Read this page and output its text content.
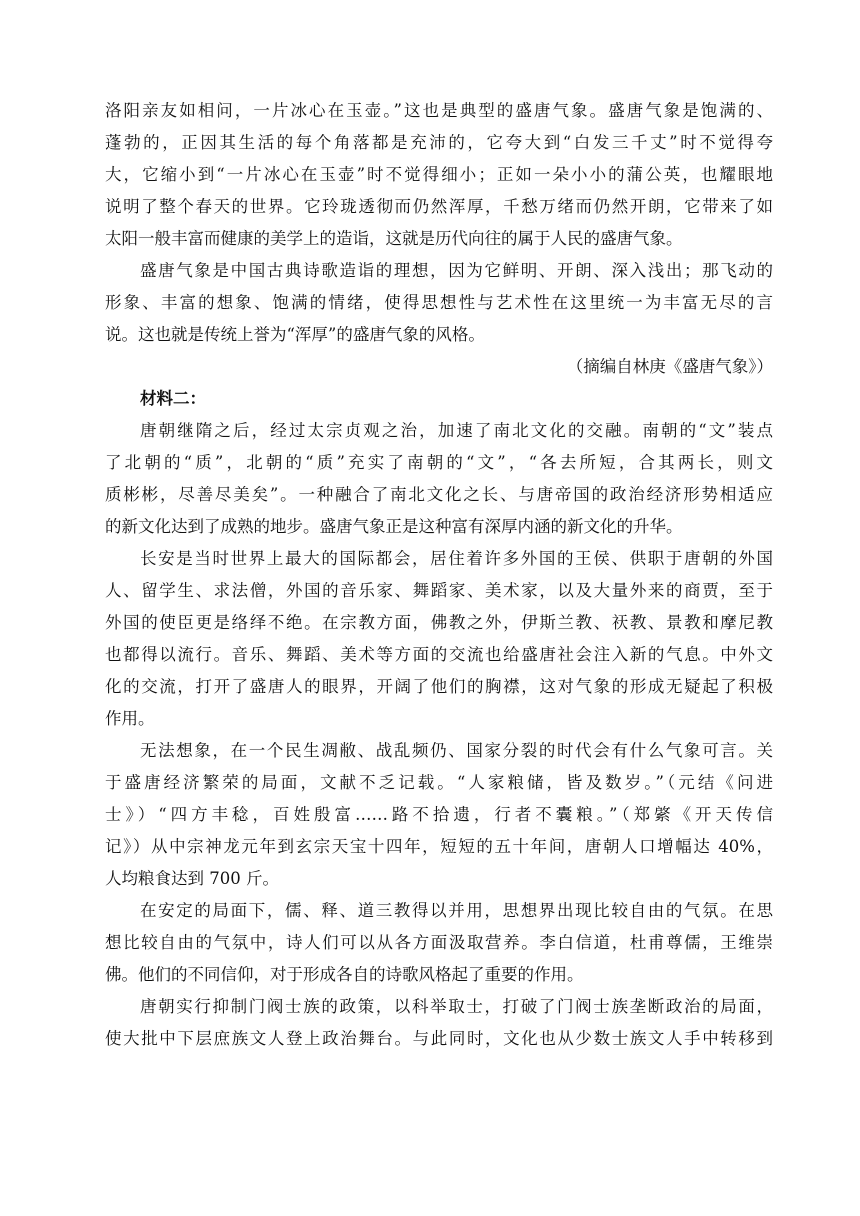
洛阳亲友如相问，一片冰心在玉壶。”这也是典型的盛唐气象。盛唐气象是饱满的、
蓬勃的，正因其生活的每个角落都是充沛的，它夸大到“白发三千丈”时不觉得夸
大，它缩小到“一片冰心在玉壶”时不觉得细小；正如一朵小小的蒲公英，也耀眼地
说明了整个春天的世界。它玲珑透彻而仍然浑厚，千愁万绪而仍然开朗，它带来了如
太阳一般丰富而健康的美学上的造诣，这就是历代向往的属于人民的盛唐气象。
盛唐气象是中国古典诗歌造诣的理想，因为它鲜明、开朗、深入浅出；那飞动的
形象、丰富的想象、饱满的情绪，使得思想性与艺术性在这里统一为丰富无尽的言
说。这也就是传统上誉为“浑厚”的盛唐气象的风格。
（摘编自林庚《盛唐气象》）
材料二：
唐朝继隋之后，经过太宗贞观之治，加速了南北文化的交融。南朝的“文”装点
了北朝的“质”，北朝的“质”充实了南朝的“文”，“各去所短，合其两长，则文
质彬彬，尽善尽美矣”。一种融合了南北文化之长、与唐帝国的政治经济形势相适应
的新文化达到了成熟的地步。盛唐气象正是这种富有深厚内涵的新文化的升华。
长安是当时世界上最大的国际都会，居住着许多外国的王侯、供职于唐朝的外国
人、留学生、求法僧，外国的音乐家、舞蹈家、美术家，以及大量外来的商贾，至于
外国的使臣更是络绎不绝。在宗教方面，佛教之外，伊斯兰教、祆教、景教和摩尼教
也都得以流行。音乐、舞蹈、美术等方面的交流也给盛唐社会注入新的气息。中外文
化的交流，打开了盛唐人的眼界，开阔了他们的胸襟，这对气象的形成无疑起了积极
作用。
无法想象，在一个民生凋敝、战乱频仍、国家分裂的时代会有什么气象可言。关
于盛唐经济繁荣的局面，文献不乏记载。“人家粮储，皆及数岁。”（元结《问进
士》）“四方丰稔，百姓殷富……路不拾遗，行者不囊粮。”（郑綮《开天传信
记》）从中宗神龙元年到玄宗天宝十四年，短短的五十年间，唐朝人口增幅达 40%，
人均粮食达到 700 斤。
在安定的局面下，儒、释、道三教得以并用，思想界出现比较自由的气氛。在思
想比较自由的气氛中，诗人们可以从各方面汲取营养。李白信道，杜甫尊儒，王维崇
佛。他们的不同信仰，对于形成各自的诗歌风格起了重要的作用。
唐朝实行抑制门阀士族的政策，以科举取士，打破了门阀士族垄断政治的局面，
使大批中下层庶族文人登上政治舞台。与此同时，文化也从少数士族文人手中转移到
